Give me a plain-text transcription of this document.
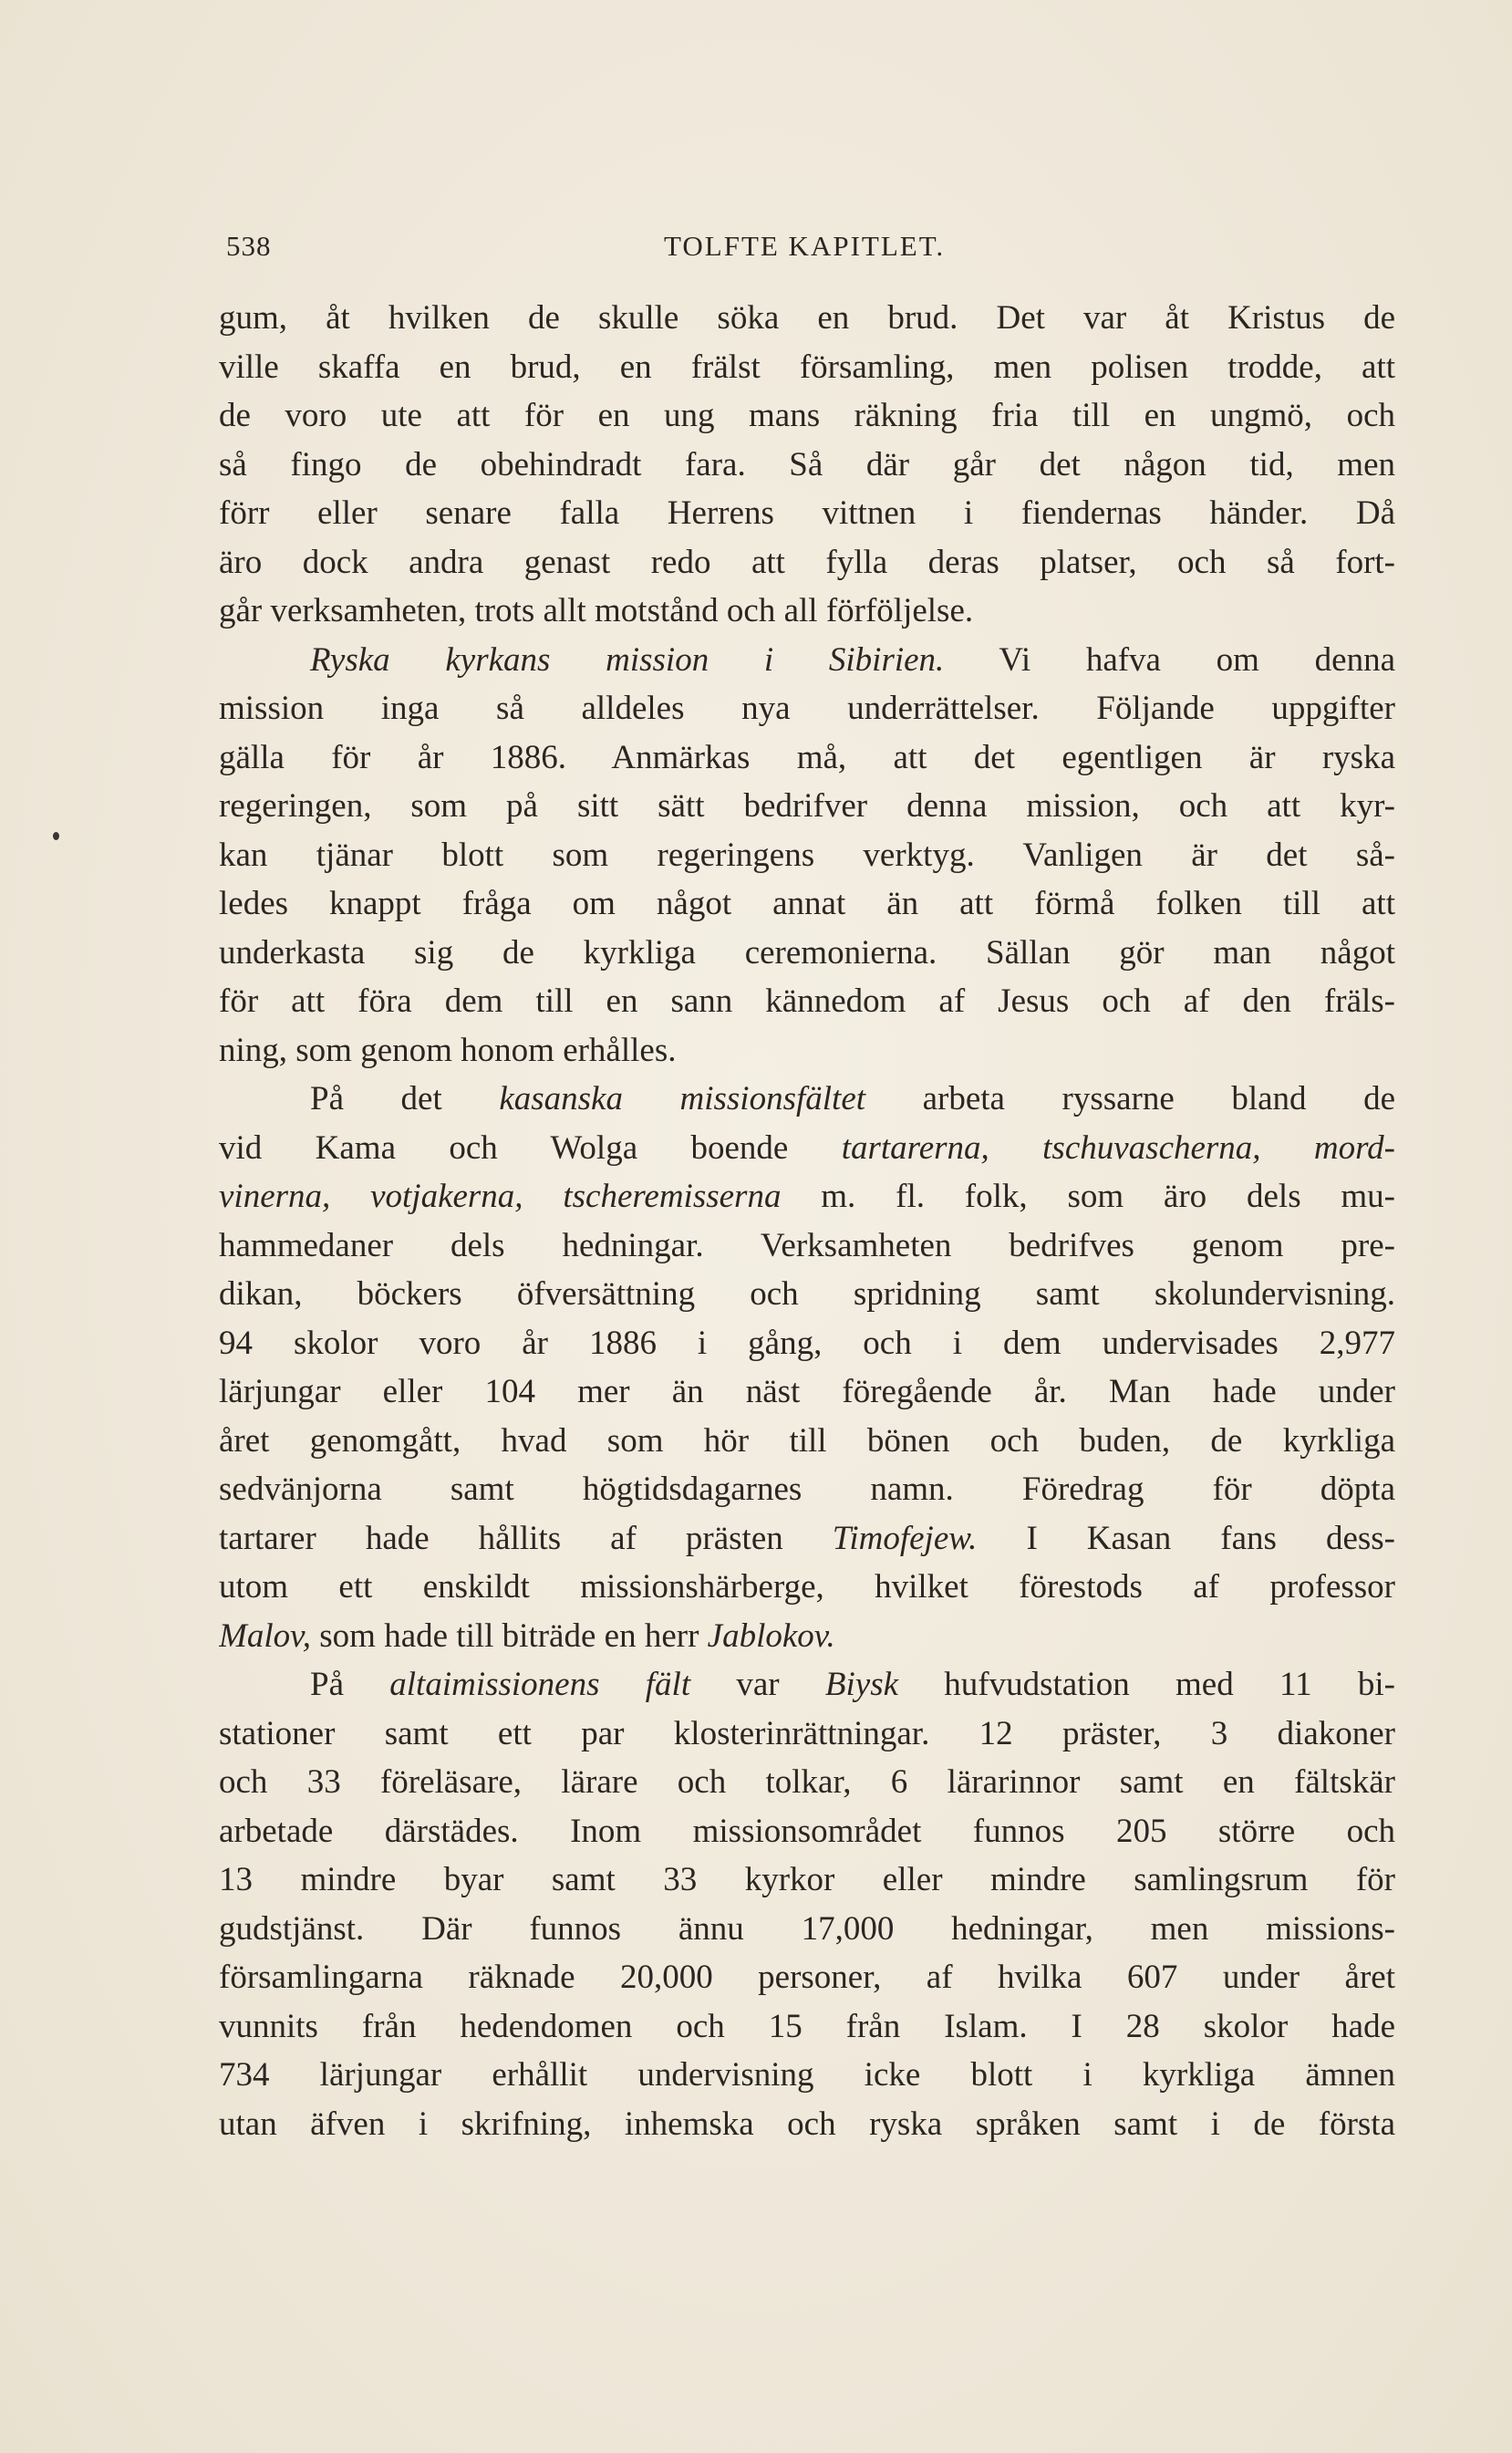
538	TOLFTE KAPITLET.
gum, åt hvilken de skulle söka en brud. Det var åt Kristus de
ville skaffa en brud, en frälst församling, men polisen trodde, att
de voro ute att för en ung mans räkning fria till en ungmö, och
så fingo de obehindradt fara. Så där går det någon tid, men
förr eller senare falla Herrens vittnen i fiendernas händer. Då
äro dock andra genast redo att fylla deras platser, och så fort-
går verksamheten, trots allt motstånd och all förföljelse.
Ryska kyrkans mission i Sibirien. Vi hafva om denna
mission inga så alldeles nya underrättelser. Följande uppgifter
gälla för år 1886. Anmärkas må, att det egentligen är ryska
regeringen, som på sitt sätt bedrifver denna mission, och att kyr-
kan tjänar blott som regeringens verktyg. Vanligen är det så-
ledes knappt fråga om något annat än att förmå folken till att
underkasta sig de kyrkliga ceremonierna. Sällan gör man något
för att föra dem till en sann kännedom af Jesus och af den fräls-
ning, som genom honom erhålles.
På det kasanska missionsfältet arbeta ryssarne bland de
vid Kama och Wolga boende tartarerna, tschuvascherna, mord-
vinerna, votjakerna, tscheremisserna m. fl. folk, som äro dels mu-
hammedaner dels hedningar. Verksamheten bedrifves genom pre-
dikan, böckers öfversättning och spridning samt skolundervisning.
94 skolor voro år 1886 i gång, och i dem undervisades 2,977
lärjungar eller 104 mer än näst föregående år. Man hade under
året genomgått, hvad som hör till bönen och buden, de kyrkliga
sedvänjorna samt högtidsdagarnes namn. Föredrag för döpta
tartarer hade hållits af prästen Timofejew. I Kasan fans dess-
utom ett enskildt missionshärberge, hvilket förestods af professor
Malov, som hade till biträde en herr Jablokov.
På altaimissionens fält var Biysk hufvudstation med 11 bi-
stationer samt ett par klosterinrättningar. 12 präster, 3 diakoner
och 33 föreläsare, lärare och tolkar, 6 lärarinnor samt en fältskär
arbetade därstädes. Inom missionsområdet funnos 205 större och
13 mindre byar samt 33 kyrkor eller mindre samlingsrum för
gudstjänst. Där funnos ännu 17,000 hedningar, men missions-
församlingarna räknade 20,000 personer, af hvilka 607 under året
vunnits från hedendomen och 15 från Islam. I 28 skolor hade
734 lärjungar erhållit undervisning icke blott i kyrkliga ämnen
utan äfven i skrifning, inhemska och ryska språken samt i de första
